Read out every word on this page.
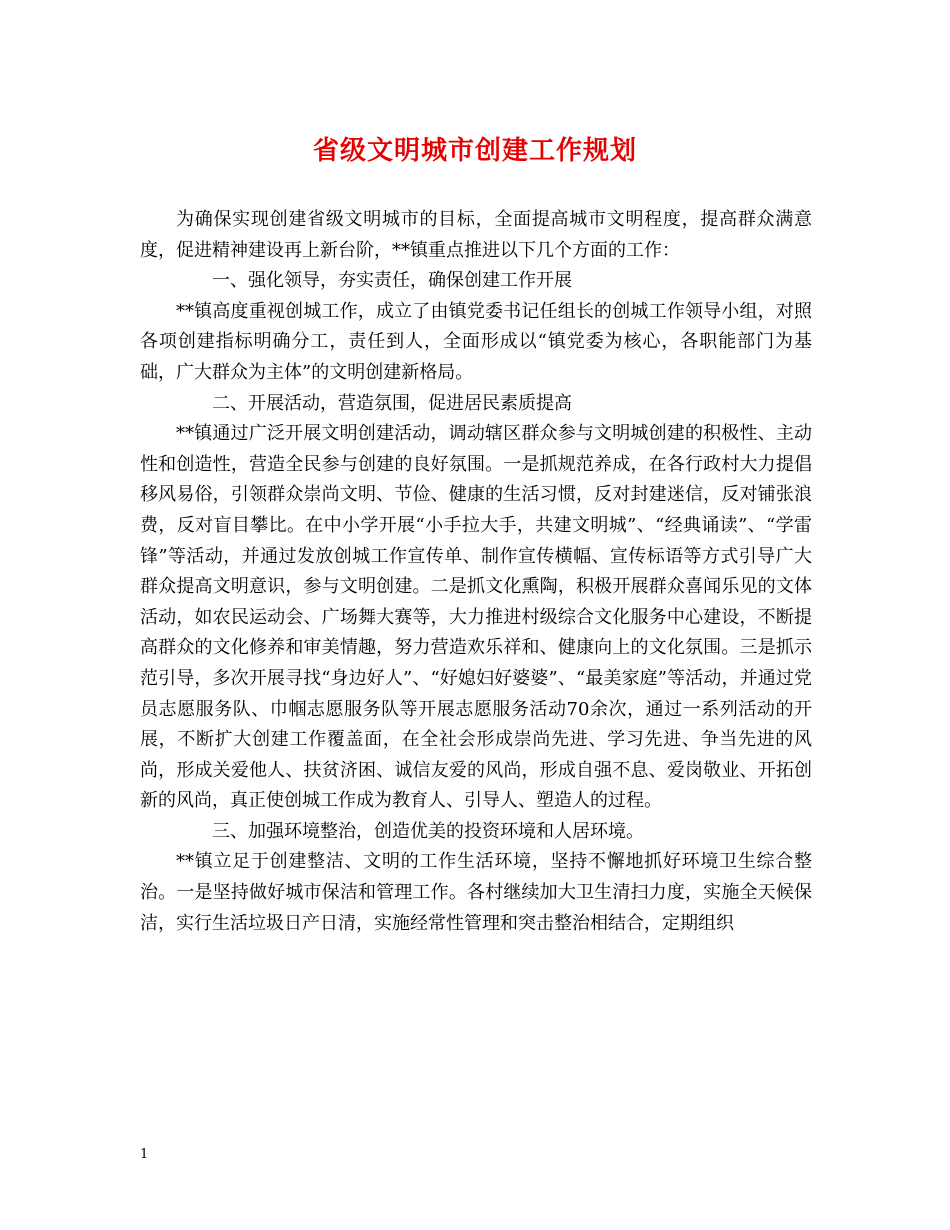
省级文明城市创建工作规划

为确保实现创建省级文明城市的目标，全面提高城市文明程度，提高群众满意度，促进精神建设再上新台阶，**镇重点推进以下几个方面的工作：

一、强化领导，夯实责任，确保创建工作开展

**镇高度重视创城工作，成立了由镇党委书记任组长的创城工作领导小组，对照各项创建指标明确分工，责任到人，全面形成以“镇党委为核心，各职能部门为基础，广大群众为主体”的文明创建新格局。

二、开展活动，营造氛围，促进居民素质提高

**镇通过广泛开展文明创建活动，调动辖区群众参与文明城创建的积极性、主动性和创造性，营造全民参与创建的良好氛围。一是抓规范养成，在各行政村大力提倡移风易俗，引领群众崇尚文明、节俭、健康的生活习惯，反对封建迷信，反对铺张浪费，反对盲目攀比。在中小学开展“小手拉大手，共建文明城”、“经典诵读”、“学雷锋”等活动，并通过发放创城工作宣传单、制作宣传横幅、宣传标语等方式引导广大群众提高文明意识，参与文明创建。二是抓文化熏陶，积极开展群众喜闻乐见的文体活动，如农民运动会、广场舞大赛等，大力推进村级综合文化服务中心建设，不断提高群众的文化修养和审美情趣，努力营造欢乐祥和、健康向上的文化氛围。三是抓示范引导，多次开展寻找“身边好人”、“好媳妇好婆婆”、“最美家庭”等活动，并通过党员志愿服务队、巾帼志愿服务队等开展志愿服务活动70余次，通过一系列活动的开展，不断扩大创建工作覆盖面，在全社会形成崇尚先进、学习先进、争当先进的风尚，形成关爱他人、扶贫济困、诚信友爱的风尚，形成自强不息、爱岗敬业、开拓创新的风尚，真正使创城工作成为教育人、引导人、塑造人的过程。

三、加强环境整治，创造优美的投资环境和人居环境。

**镇立足于创建整洁、文明的工作生活环境，坚持不懈地抓好环境卫生综合整治。一是坚持做好城市保洁和管理工作。各村继续加大卫生清扫力度，实施全天候保洁，实行生活垃圾日产日清，实施经常性管理和突击整治相结合，定期组织

1
